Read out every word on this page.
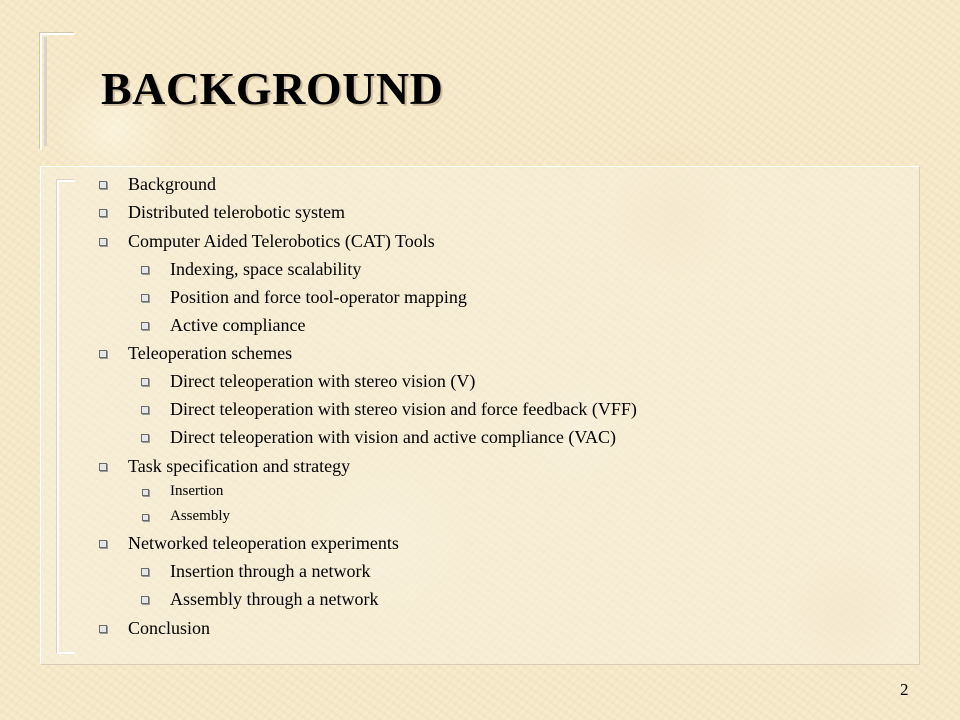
BACKGROUND
Background
Distributed telerobotic system
Computer Aided Telerobotics (CAT) Tools
Indexing, space scalability
Position and force tool-operator mapping
Active compliance
Teleoperation schemes
Direct teleoperation with stereo vision (V)
Direct teleoperation with stereo vision and force feedback (VFF)
Direct teleoperation with vision and active compliance (VAC)
Task specification and strategy
Insertion
Assembly
Networked teleoperation experiments
Insertion through a network
Assembly through a network
Conclusion
2
